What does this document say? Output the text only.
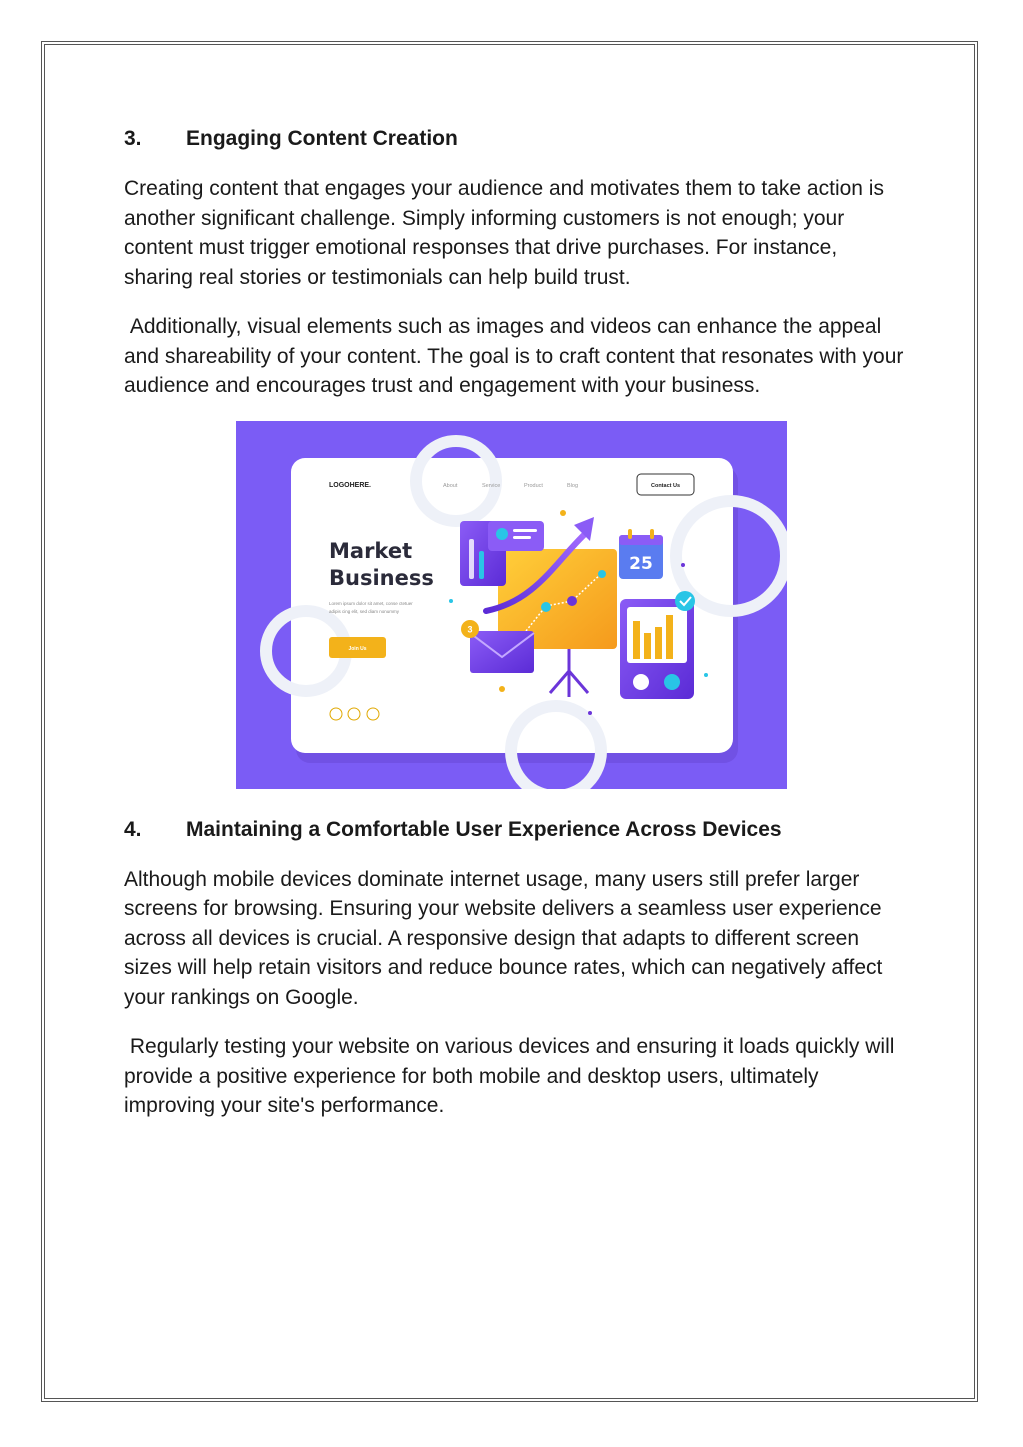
3.	Engaging Content Creation

Creating content that engages your audience and motivates them to take action is another significant challenge. Simply informing customers is not enough; your content must trigger emotional responses that drive purchases. For instance, sharing real stories or testimonials can help build trust.

Additionally, visual elements such as images and videos can enhance the appeal and shareability of your content. The goal is to craft content that resonates with your audience and encourages trust and engagement with your business.

LOGOHERE.	About	Service	Product	Blog	Contact Us
Market
Business
Lorem ipsum dolor sit amet, conse ctetuer
adipis cing elit, sed diam nonummy
Join Us
3
25
4.	Maintaining a Comfortable User Experience Across Devices

Although mobile devices dominate internet usage, many users still prefer larger screens for browsing. Ensuring your website delivers a seamless user experience across all devices is crucial. A responsive design that adapts to different screen sizes will help retain visitors and reduce bounce rates, which can negatively affect your rankings on Google.

Regularly testing your website on various devices and ensuring it loads quickly will provide a positive experience for both mobile and desktop users, ultimately improving your site's performance.
